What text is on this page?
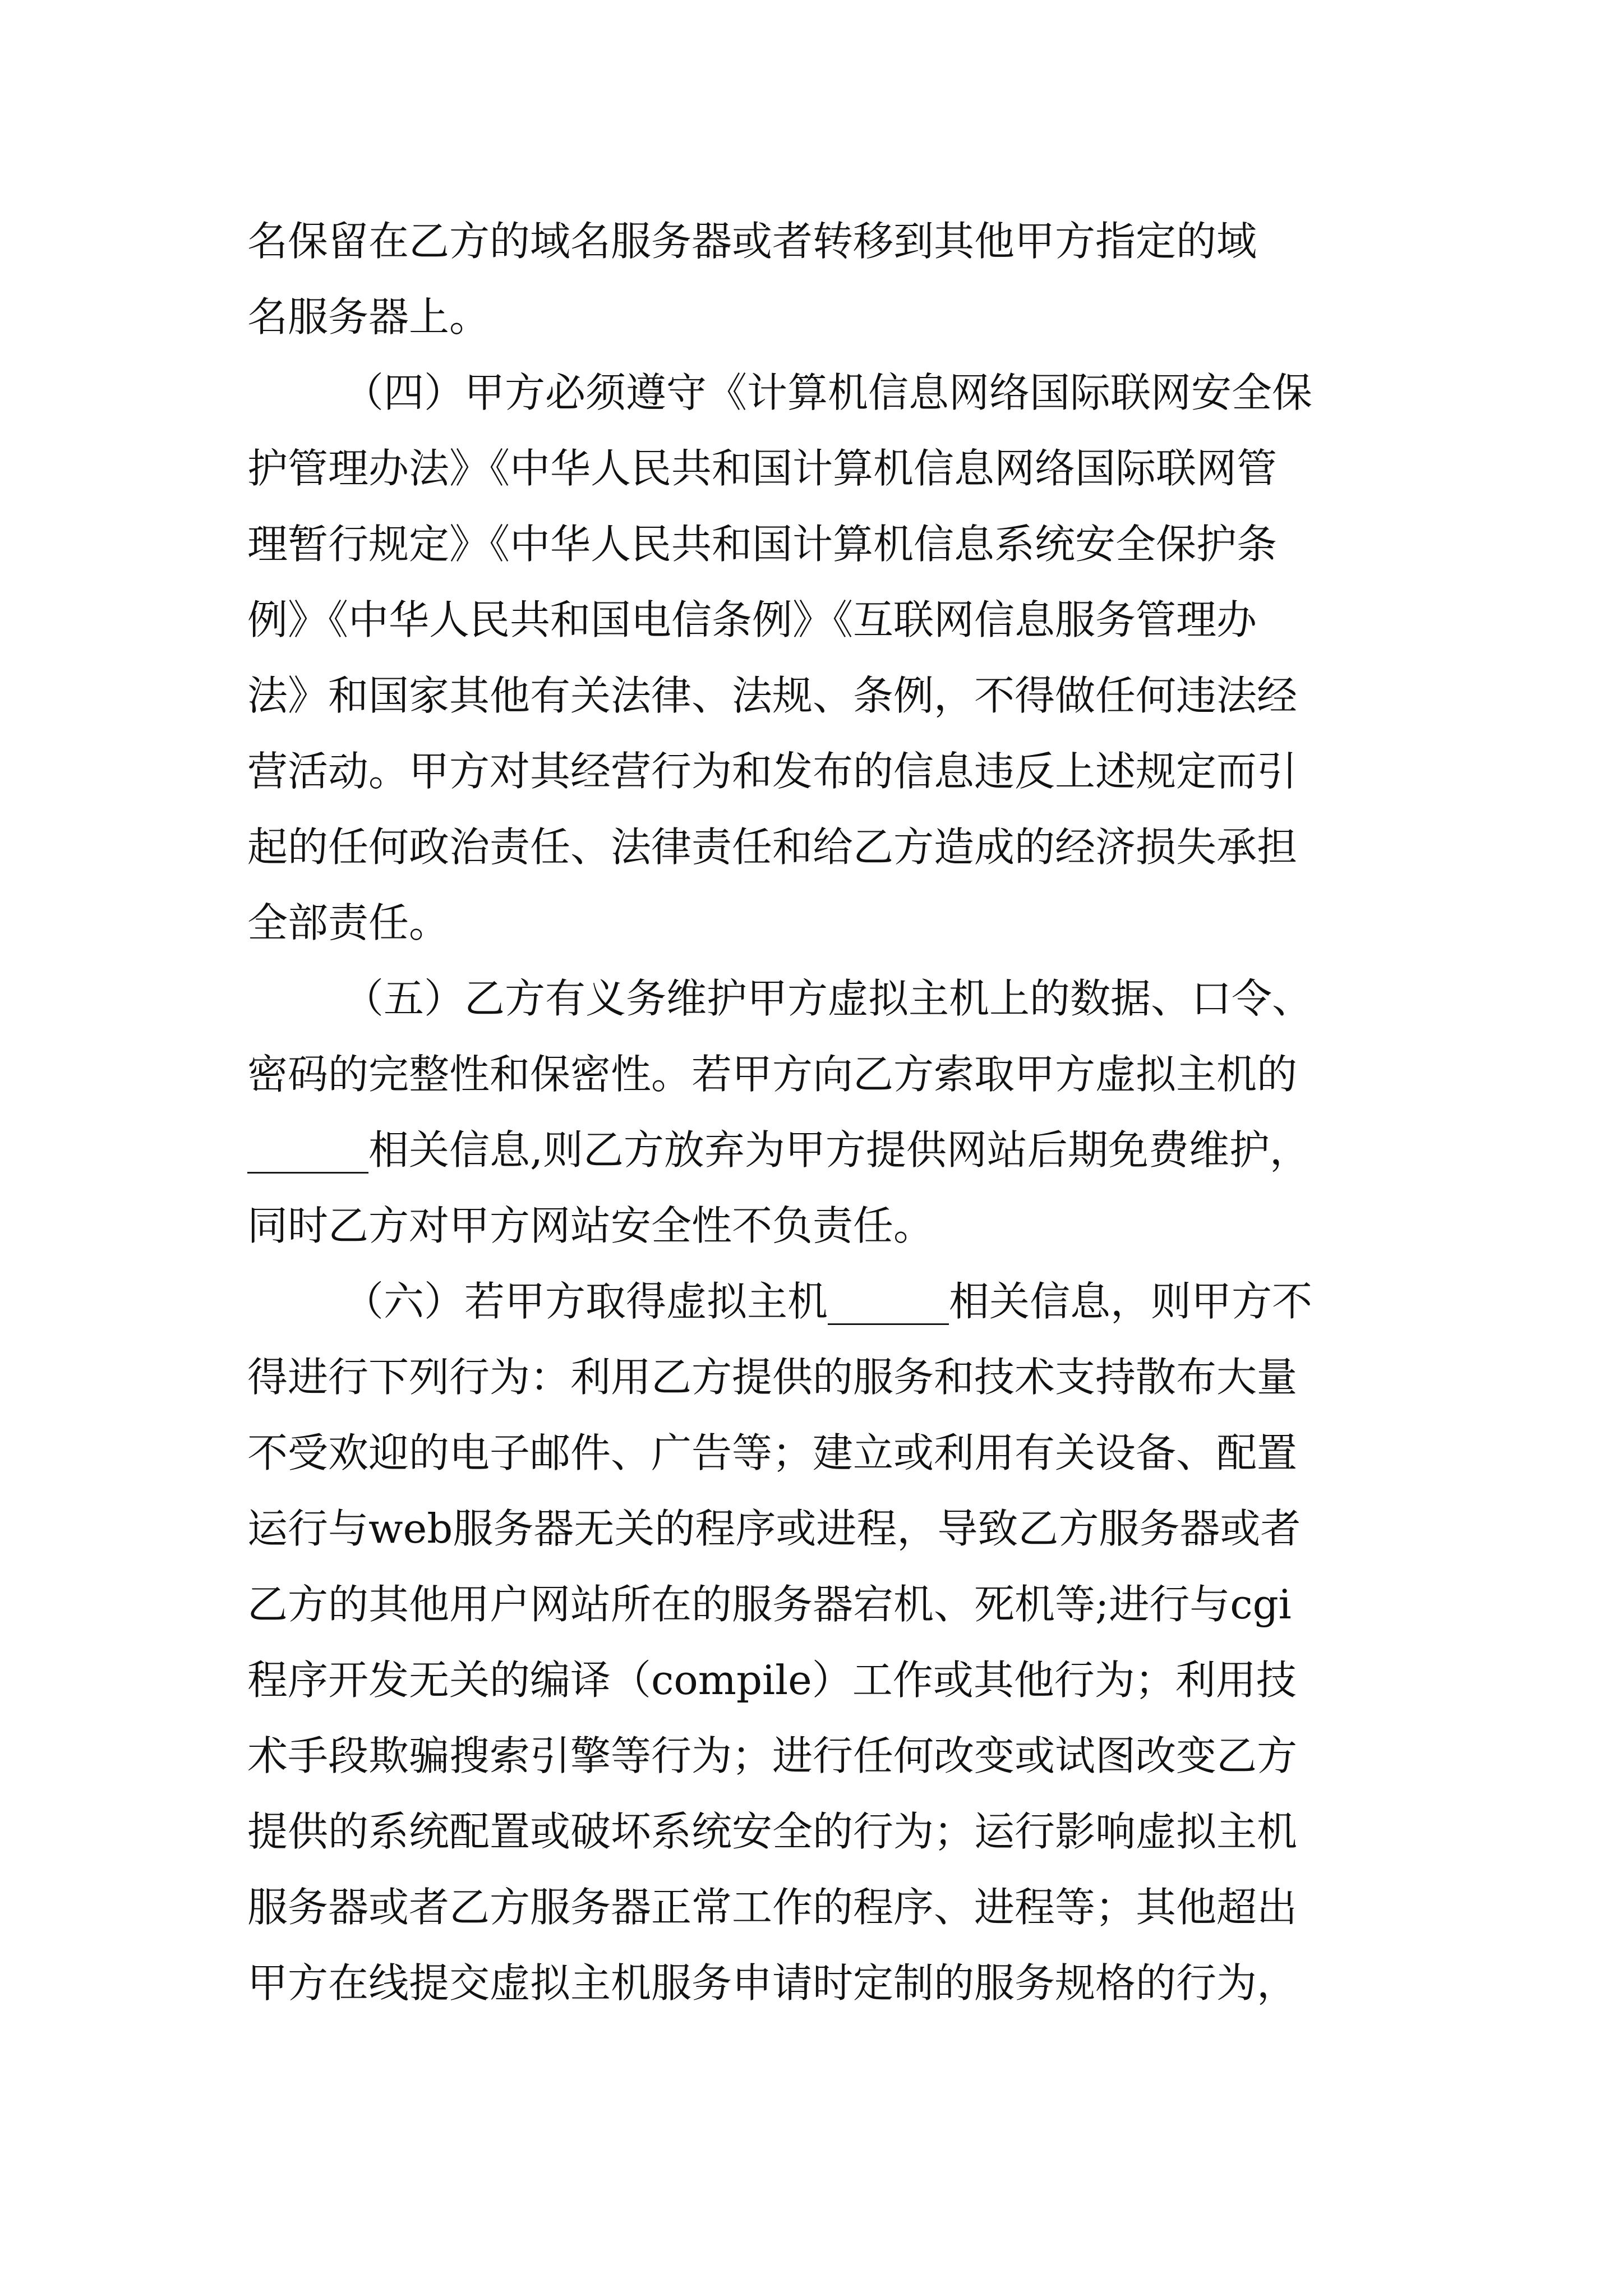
名保留在乙方的域名服务器或者转移到其他甲方指定的域
名服务器上。
（四）甲方必须遵守《计算机信息网络国际联网安全保
护管理办法》《中华人民共和国计算机信息网络国际联网管
理暂行规定》《中华人民共和国计算机信息系统安全保护条
例》《中华人民共和国电信条例》《互联网信息服务管理办
法》和国家其他有关法律、法规、条例，不得做任何违法经
营活动。甲方对其经营行为和发布的信息违反上述规定而引
起的任何政治责任、法律责任和给乙方造成的经济损失承担
全部责任。
（五）乙方有义务维护甲方虚拟主机上的数据、口令、
密码的完整性和保密性。若甲方向乙方索取甲方虚拟主机的
______相关信息,则乙方放弃为甲方提供网站后期免费维护，
同时乙方对甲方网站安全性不负责任。
（六）若甲方取得虚拟主机______相关信息，则甲方不
得进行下列行为：利用乙方提供的服务和技术支持散布大量
不受欢迎的电子邮件、广告等；建立或利用有关设备、配置
运行与web服务器无关的程序或进程，导致乙方服务器或者
乙方的其他用户网站所在的服务器宕机、死机等;进行与cgi
程序开发无关的编译（compile）工作或其他行为；利用技
术手段欺骗搜索引擎等行为；进行任何改变或试图改变乙方
提供的系统配置或破坏系统安全的行为；运行影响虚拟主机
服务器或者乙方服务器正常工作的程序、进程等；其他超出
甲方在线提交虚拟主机服务申请时定制的服务规格的行为，
